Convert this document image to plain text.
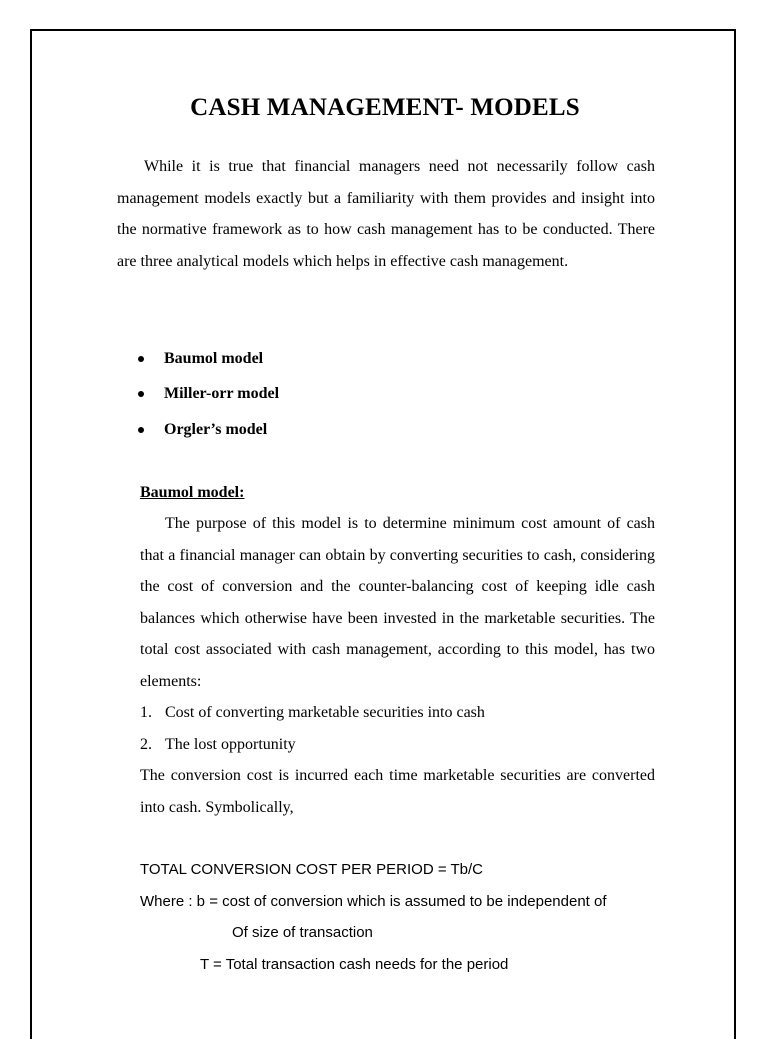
CASH MANAGEMENT- MODELS

While it is true that financial managers need not necessarily follow cash management models exactly but a familiarity with them provides and insight into the normative framework as to how cash management has to be conducted. There are three analytical models which helps in effective cash management.

Baumol model
Miller-orr model
Orgler’s model
Baumol model:

The purpose of this model is to determine minimum cost amount of cash that a financial manager can obtain by converting securities to cash, considering the cost of conversion and the counter-balancing cost of keeping idle cash balances which otherwise have been invested in the marketable securities. The total cost associated with cash management, according to this model, has two elements:

1. Cost of converting marketable securities into cash
2. The lost opportunity

The conversion cost is incurred each time marketable securities are converted into cash. Symbolically,

TOTAL CONVERSION COST PER PERIOD = Tb/C
Where : b = cost of conversion which is assumed to be independent of
Of size of transaction
T = Total transaction cash needs for the period
